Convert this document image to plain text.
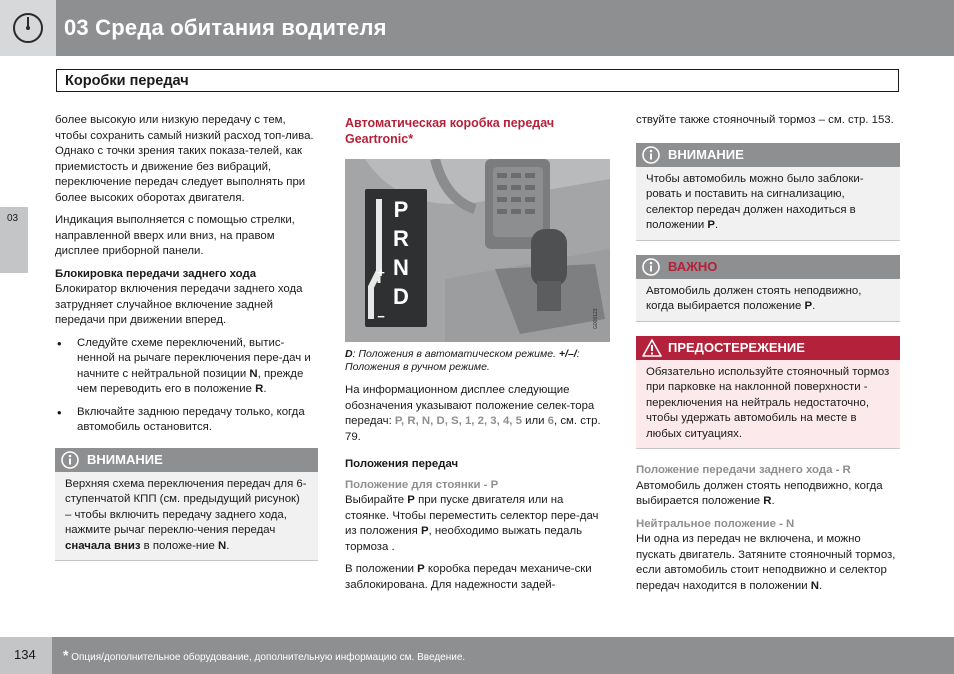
03 Среда обитания водителя
Коробки передач
03

более высокую или низкую передачу с тем, чтобы сохранить самый низкий расход топ-лива. Однако с точки зрения таких показа-телей, как приемистость и движение без вибраций, переключение передач следует выполнять при более высоких оборотах двигателя.

Индикация выполняется с помощью стрелки, направленной вверх или вниз, на правом дисплее приборной панели.

Блокировка передачи заднего хода

Блокиратор включения передачи заднего хода затрудняет случайное включение задней передачи при движении вперед.

• Следуйте схеме переключений, вытис-ненной на рычаге переключения пере-дач и начните с нейтральной позиции N, прежде чем переводить его в положение R.
• Включайте заднюю передачу только, когда автомобиль остановится.
ВНИМАНИЕ

Верхняя схема переключения передач для 6-ступенчатой КПП (см. предыдущий рисунок) – чтобы включить передачу заднего хода, нажмите рычаг переклю-чения передач сначала вниз в положе-ние N.

Автоматическая коробка передач Geartronic*

G000123
P
R
N
D
+
−

D: Положения в автоматическом режиме. +/–/: Положения в ручном режиме.

На информационном дисплее следующие обозначения указывают положение селек-тора передач: P, R, N, D, S, 1, 2, 3, 4, 5 или 6, см. стр. 79.

Положения передач

Положение для стоянки - P

Выбирайте P при пуске двигателя или на стоянке. Чтобы переместить селектор пере-дач из положения P, необходимо выжать педаль тормоза .

В положении P коробка передач механиче-ски заблокирована. Для надежности задей-

ствуйте также стояночный тормоз – см. стр. 153.

ВНИМАНИЕ

Чтобы автомобиль можно было заблоки-ровать и поставить на сигнализацию, селектор передач должен находиться в положении P.

ВАЖНО

Автомобиль должен стоять неподвижно, когда выбирается положение P.

ПРЕДОСТЕРЕЖЕНИЕ

Обязательно используйте стояночный тормоз при парковке на наклонной поверхности - переключения на нейтраль недостаточно, чтобы удержать автомобиль на месте в любых ситуациях.

Положение передачи заднего хода - R

Автомобиль должен стоять неподвижно, когда выбирается положение R.

Нейтральное положение - N

Ни одна из передач не включена, и можно пускать двигатель. Затяните стояночный тормоз, если автомобиль стоит неподвижно и селектор передач находится в положении N.

134 * Опция/дополнительное оборудование, дополнительную информацию см. Введение.
